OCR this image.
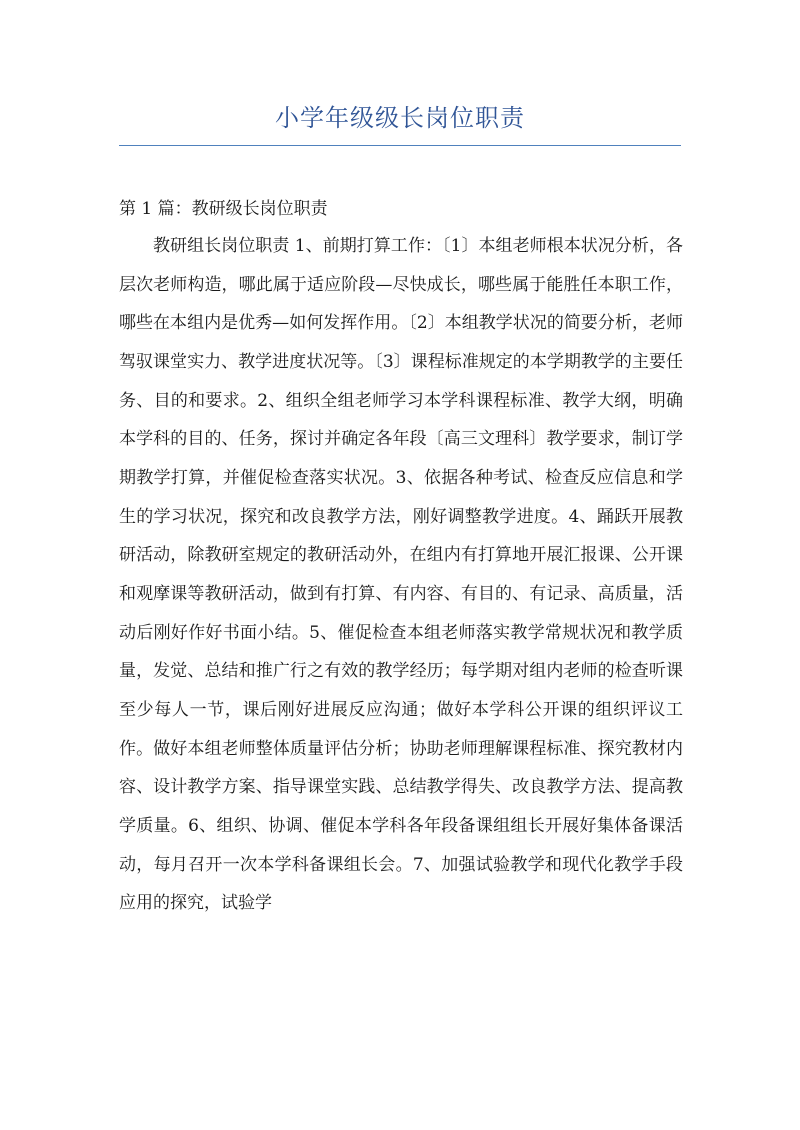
小学年级级长岗位职责
第 1 篇：教研级长岗位职责

教研组长岗位职责 1、前期打算工作：〔1〕本组老师根本状况分析，各层次老师构造，哪此属于适应阶段—尽快成长，哪些属于能胜任本职工作，哪些在本组内是优秀—如何发挥作用。〔2〕本组教学状况的简要分析，老师驾驭课堂实力、教学进度状况等。〔3〕课程标准规定的本学期教学的主要任务、目的和要求。2、组织全组老师学习本学科课程标准、教学大纲，明确本学科的目的、任务，探讨并确定各年段〔高三文理科〕教学要求，制订学期教学打算，并催促检查落实状况。3、依据各种考试、检查反应信息和学生的学习状况，探究和改良教学方法，刚好调整教学进度。4、踊跃开展教研活动，除教研室规定的教研活动外，在组内有打算地开展汇报课、公开课和观摩课等教研活动，做到有打算、有内容、有目的、有记录、高质量，活动后刚好作好书面小结。5、催促检查本组老师落实教学常规状况和教学质量，发觉、总结和推广行之有效的教学经历；每学期对组内老师的检查听课至少每人一节，课后刚好进展反应沟通；做好本学科公开课的组织评议工作。做好本组老师整体质量评估分析；协助老师理解课程标准、探究教材内容、设计教学方案、指导课堂实践、总结教学得失、改良教学方法、提高教学质量。6、组织、协调、催促本学科各年段备课组组长开展好集体备课活动，每月召开一次本学科备课组长会。7、加强试验教学和现代化教学手段应用的探究，试验学
